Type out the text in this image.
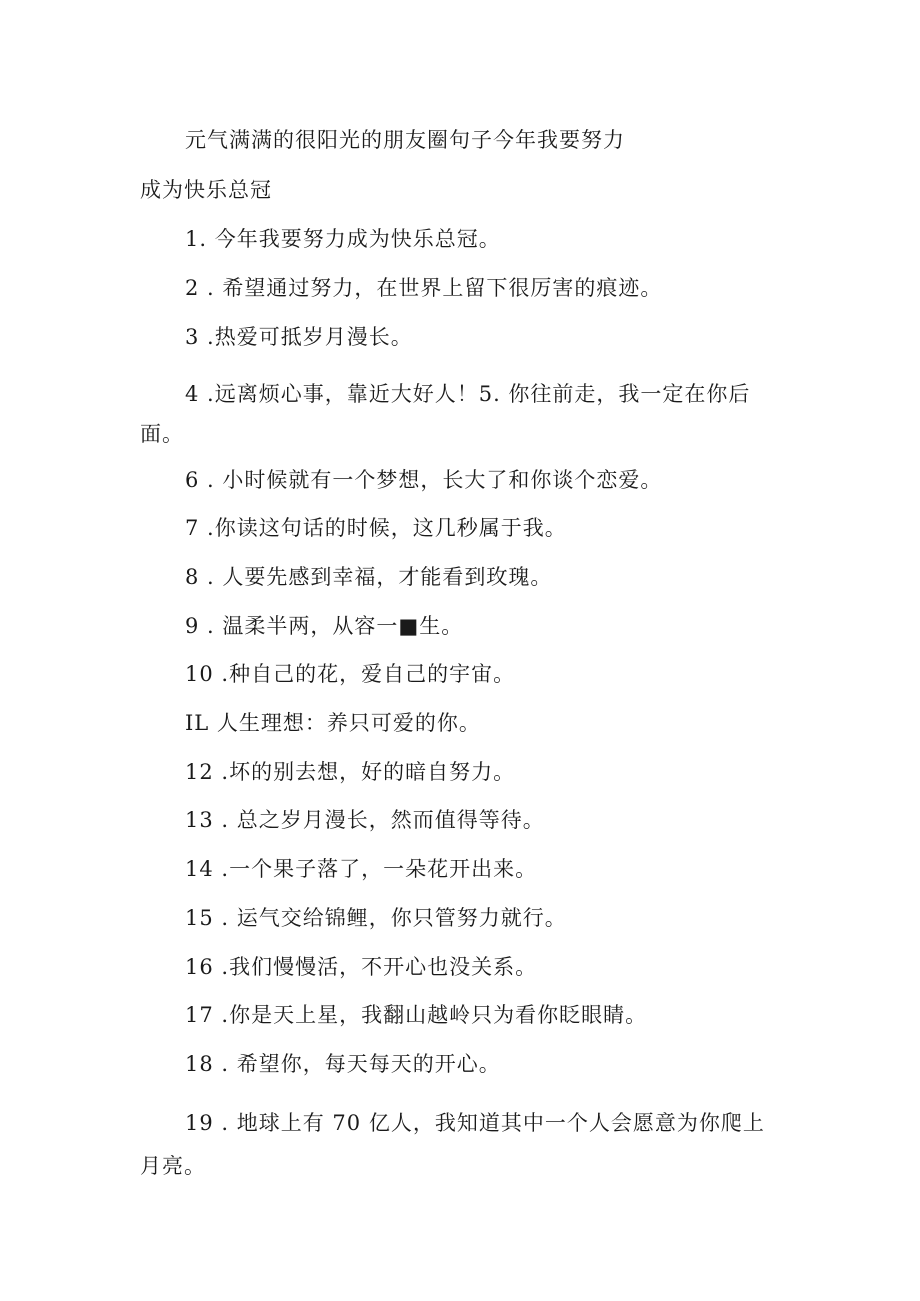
元气满满的很阳光的朋友圈句子今年我要努力
成为快乐总冠
1. 今年我要努力成为快乐总冠。
2 . 希望通过努力，在世界上留下很厉害的痕迹。
3 .热爱可抵岁月漫长。
4 .远离烦心事，靠近大好人！5. 你往前走，我一定在你后
面。
6 . 小时候就有一个梦想，长大了和你谈个恋爱。
7 .你读这句话的时候，这几秒属于我。
8 . 人要先感到幸福，才能看到玫瑰。
9 . 温柔半两，从容一■生。
10 .种自己的花，爱自己的宇宙。
IL 人生理想：养只可爱的你。
12 .坏的别去想，好的暗自努力。
13 . 总之岁月漫长，然而值得等待。
14 .一个果子落了，一朵花开出来。
15 . 运气交给锦鲤，你只管努力就行。
16 .我们慢慢活，不开心也没关系。
17 .你是天上星，我翻山越岭只为看你眨眼睛。
18 . 希望你，每天每天的开心。
19 . 地球上有 70 亿人，我知道其中一个人会愿意为你爬上
月亮。
